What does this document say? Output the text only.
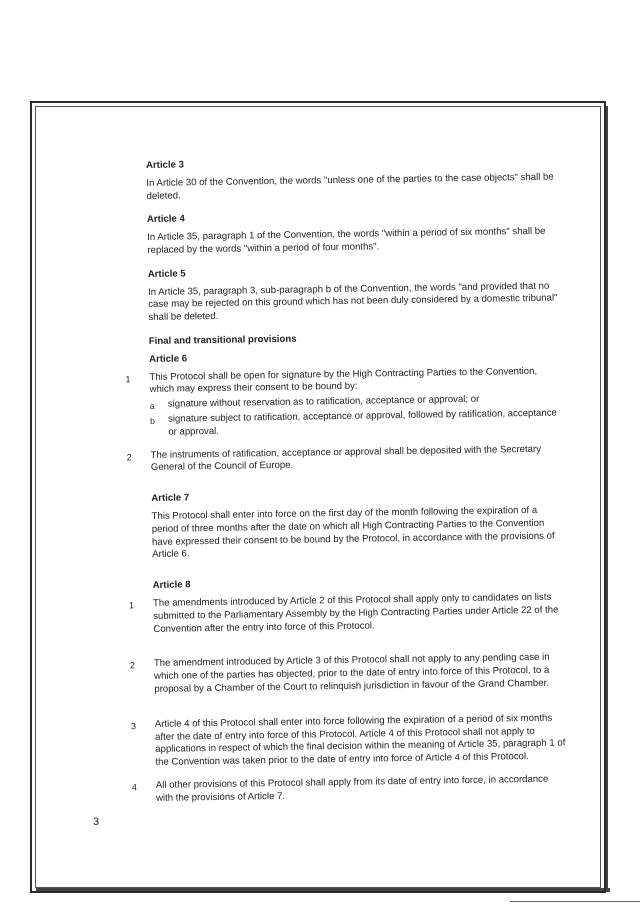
Article 3
In Article 30 of the Convention, the words "unless one of the parties to the case objects" shall be deleted.
Article 4
In Article 35, paragraph 1 of the Convention, the words "within a period of six months" shall be replaced by the words "within a period of four months".
Article 5
In Article 35, paragraph 3, sub-paragraph b of the Convention, the words "and provided that no case may be rejected on this ground which has not been duly considered by a domestic tribunal" shall be deleted.
Final and transitional provisions
Article 6
1	This Protocol shall be open for signature by the High Contracting Parties to the Convention, which may express their consent to be bound by:
a signature without reservation as to ratification, acceptance or approval; or
b signature subject to ratification, acceptance or approval, followed by ratification, acceptance or approval.
2	The instruments of ratification, acceptance or approval shall be deposited with the Secretary General of the Council of Europe.
Article 7
This Protocol shall enter into force on the first day of the month following the expiration of a period of three months after the date on which all High Contracting Parties to the Convention have expressed their consent to be bound by the Protocol, in accordance with the provisions of Article 6.
Article 8
1	The amendments introduced by Article 2 of this Protocol shall apply only to candidates on lists submitted to the Parliamentary Assembly by the High Contracting Parties under Article 22 of the Convention after the entry into force of this Protocol.
2	The amendment introduced by Article 3 of this Protocol shall not apply to any pending case in which one of the parties has objected, prior to the date of entry into force of this Protocol, to a proposal by a Chamber of the Court to relinquish jurisdiction in favour of the Grand Chamber.
3	Article 4 of this Protocol shall enter into force following the expiration of a period of six months after the date of entry into force of this Protocol. Article 4 of this Protocol shall not apply to applications in respect of which the final decision within the meaning of Article 35, paragraph 1 of the Convention was taken prior to the date of entry into force of Article 4 of this Protocol.
4	All other provisions of this Protocol shall apply from its date of entry into force, in accordance with the provisions of Article 7.
3
